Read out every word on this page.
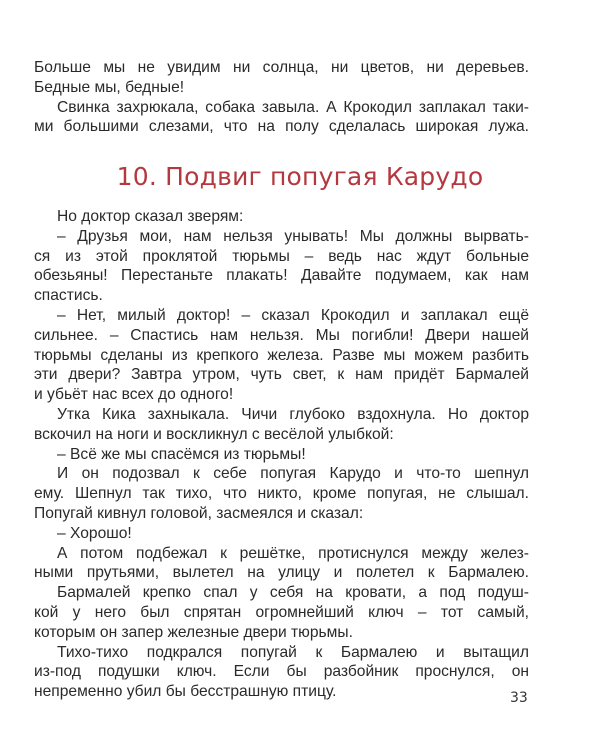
Больше мы не увидим ни солнца, ни цветов, ни деревьев.
Бедные мы, бедные!
Свинка захрюкала, собака завыла. А Крокодил заплакал таки-
ми большими слезами, что на полу сделалась широкая лужа.
10. Подвиг попугая Карудо
Но доктор сказал зверям:
– Друзья мои, нам нельзя унывать! Мы должны вырвать-
ся из этой проклятой тюрьмы – ведь нас ждут больные
обезьяны! Перестаньте плакать! Давайте подумаем, как нам
спастись.
– Нет, милый доктор! – сказал Крокодил и заплакал ещё
сильнее. – Спастись нам нельзя. Мы погибли! Двери нашей
тюрьмы сделаны из крепкого железа. Разве мы можем разбить
эти двери? Завтра утром, чуть свет, к нам придёт Бармалей
и убьёт нас всех до одного!
Утка Кика захныкала. Чичи глубоко вздохнула. Но доктор
вскочил на ноги и воскликнул с весёлой улыбкой:
– Всё же мы спасёмся из тюрьмы!
И он подозвал к себе попугая Карудо и что-то шепнул
ему. Шепнул так тихо, что никто, кроме попугая, не слышал.
Попугай кивнул головой, засмеялся и сказал:
– Хорошо!
А потом подбежал к решётке, протиснулся между желез-
ными прутьями, вылетел на улицу и полетел к Бармалею.
Бармалей крепко спал у себя на кровати, а под подуш-
кой у него был спрятан огромнейший ключ – тот самый,
которым он запер железные двери тюрьмы.
Тихо-тихо подкрался попугай к Бармалею и вытащил
из-под подушки ключ. Если бы разбойник проснулся, он
непременно убил бы бесстрашную птицу.	33
